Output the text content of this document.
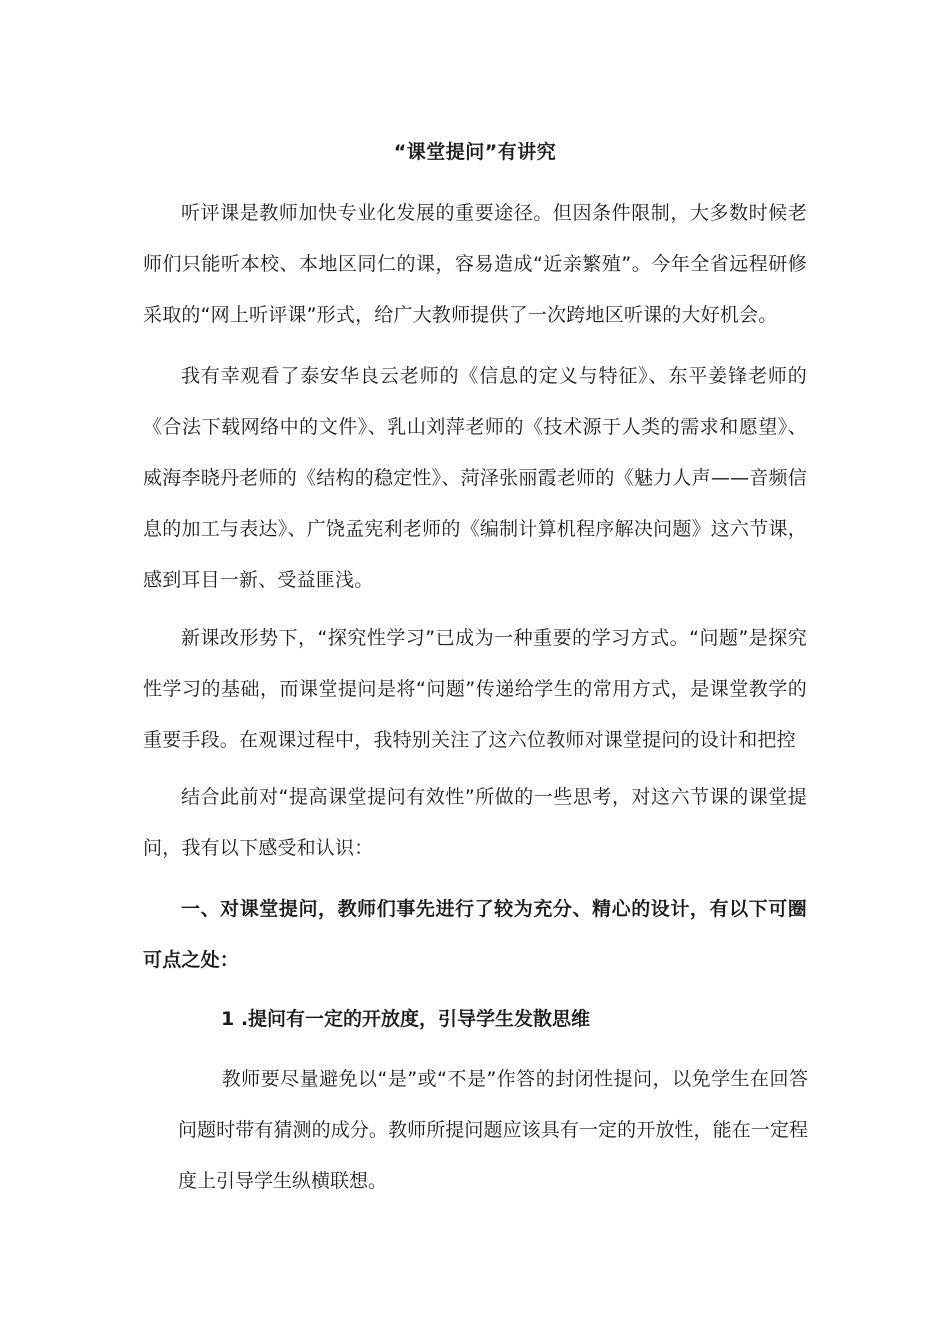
“课堂提问”有讲究

听评课是教师加快专业化发展的重要途径。但因条件限制，大多数时候老师们只能听本校、本地区同仁的课，容易造成“近亲繁殖”。今年全省远程研修采取的“网上听评课”形式，给广大教师提供了一次跨地区听课的大好机会。

我有幸观看了泰安华良云老师的《信息的定义与特征》、东平姜锋老师的《合法下载网络中的文件》、乳山刘萍老师的《技术源于人类的需求和愿望》、威海李晓丹老师的《结构的稳定性》、菏泽张丽霞老师的《魅力人声——音频信息的加工与表达》、广饶孟宪利老师的《编制计算机程序解决问题》这六节课，感到耳目一新、受益匪浅。

新课改形势下，“探究性学习”已成为一种重要的学习方式。“问题”是探究性学习的基础，而课堂提问是将“问题”传递给学生的常用方式，是课堂教学的重要手段。在观课过程中，我特别关注了这六位教师对课堂提问的设计和把控

结合此前对“提高课堂提问有效性”所做的一些思考，对这六节课的课堂提问，我有以下感受和认识：

一、对课堂提问，教师们事先进行了较为充分、精心的设计，有以下可圈可点之处：

1 .提问有一定的开放度，引导学生发散思维

教师要尽量避免以“是”或“不是”作答的封闭性提问，以免学生在回答问题时带有猜测的成分。教师所提问题应该具有一定的开放性，能在一定程度上引导学生纵横联想。
